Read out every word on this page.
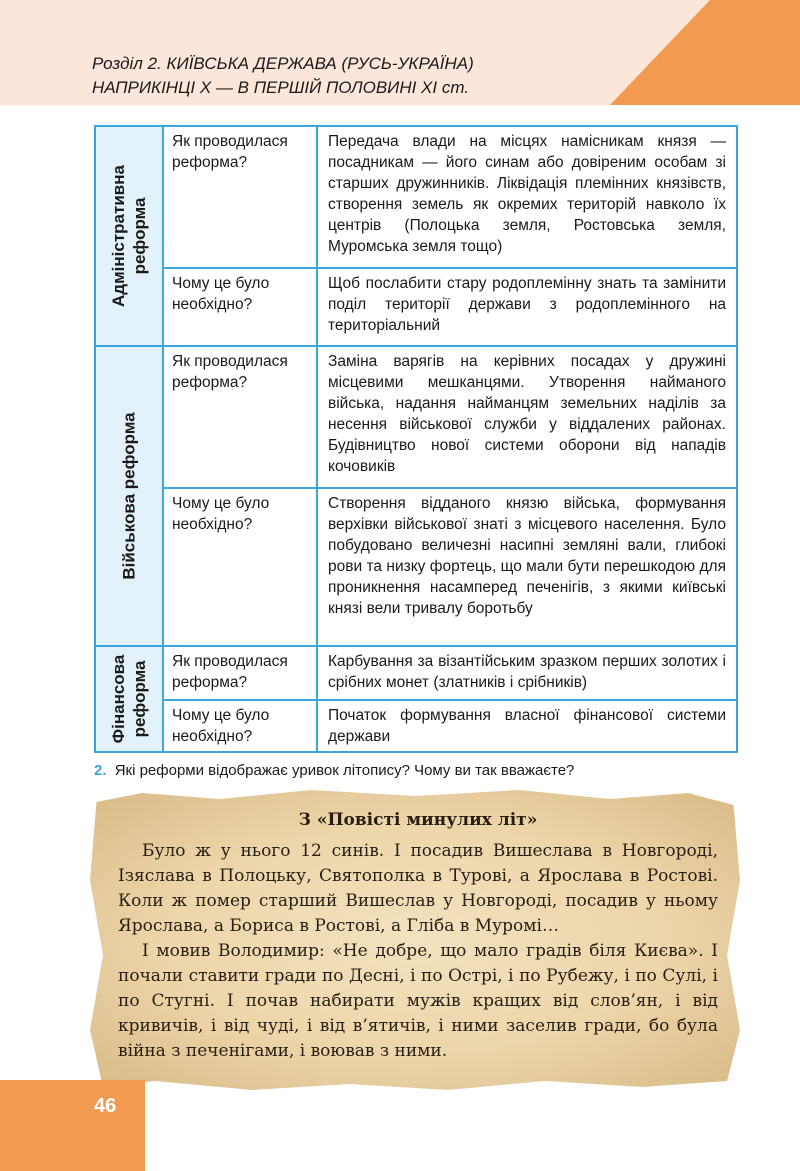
Розділ 2. КИЇВСЬКА ДЕРЖАВА (РУСЬ-УКРАЇНА)
НАПРИКІНЦІ Х — В ПЕРШІЙ ПОЛОВИНІ ХІ ст.
Адміністративна реформа	Як проводилася реформа?	Передача влади на місцях намісникам князя — посадникам — його синам або довіреним особам зі старших дружинників. Ліквідація племінних князівств, створення земель як окремих територій навколо їх центрів (Полоцька земля, Ростовська земля, Муромська земля тощо)
	Чому це було необхідно?	Щоб послабити стару родоплемінну знать та замінити поділ території держави з родоплемінного на територіальний

Військова реформа	Як проводилася реформа?	Заміна варягів на керівних посадах у дружині місцевими мешканцями. Утворення найманого війська, надання найманцям земельних наділів за несення військової служби у віддалених районах. Будівництво нової системи оборони від нападів кочовиків
	Чому це було необхідно?	Створення відданого князю війська, формування верхівки військової знаті з місцевого населення. Було побудовано величезні насипні земляні вали, глибокі рови та низку фортець, що мали бути перешкодою для проникнення насамперед печенігів, з якими київські князі вели тривалу боротьбу

Фінансова реформа	Як проводилася реформа?	Карбування за візантійським зразком перших золотих і срібних монет (златників і срібників)
	Чому це було необхідно?	Початок формування власної фінансової системи держави
2. Які реформи відображає уривок літопису? Чому ви так вважаєте?
З «Повісті минулих літ»

Було ж у нього 12 синів. І посадив Вишеслава в Новгороді, Ізяслава в Полоцьку, Святополка в Турові, а Ярослава в Ростові. Коли ж помер старший Вишеслав у Новгороді, посадив у ньому Ярослава, а Бориса в Ростові, а Гліба в Муромі…

І мовив Володимир: «Не добре, що мало градів біля Києва». І почали ставити гради по Десні, і по Острі, і по Рубежу, і по Сулі, і по Стугні. І почав набирати мужів кращих від слов’ян, і від кривичів, і від чуді, і від в’ятичів, і ними заселив гради, бо була війна з печенігами, і воював з ними.

46
